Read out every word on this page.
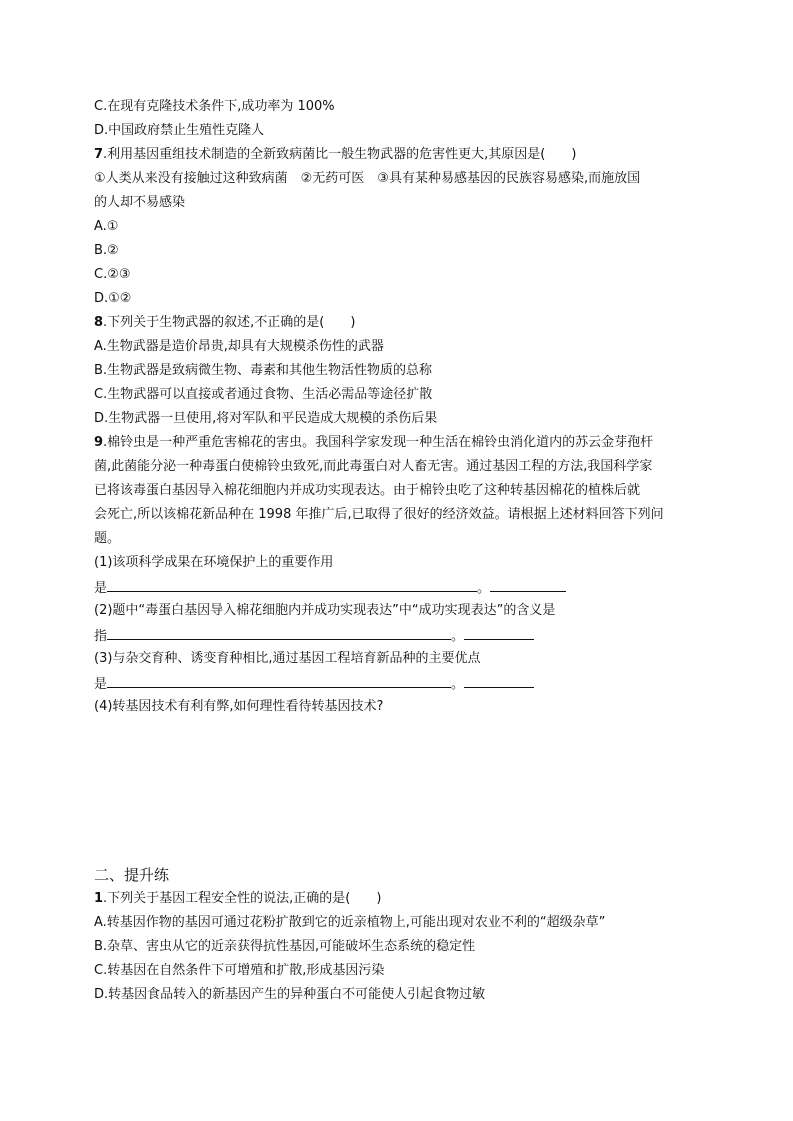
C.在现有克隆技术条件下,成功率为 100%
D.中国政府禁止生殖性克隆人
7.利用基因重组技术制造的全新致病菌比一般生物武器的危害性更大,其原因是(　　)
①人类从来没有接触过这种致病菌　②无药可医　③具有某种易感基因的民族容易感染,而施放国
的人却不易感染
A.①
B.②
C.②③
D.①②
8.下列关于生物武器的叙述,不正确的是(　　)
A.生物武器是造价昂贵,却具有大规模杀伤性的武器
B.生物武器是致病微生物、毒素和其他生物活性物质的总称
C.生物武器可以直接或者通过食物、生活必需品等途径扩散
D.生物武器一旦使用,将对军队和平民造成大规模的杀伤后果
9.棉铃虫是一种严重危害棉花的害虫。我国科学家发现一种生活在棉铃虫消化道内的苏云金芽孢杆
菌,此菌能分泌一种毒蛋白使棉铃虫致死,而此毒蛋白对人畜无害。通过基因工程的方法,我国科学家
已将该毒蛋白基因导入棉花细胞内并成功实现表达。由于棉铃虫吃了这种转基因棉花的植株后就
会死亡,所以该棉花新品种在 1998 年推广后,已取得了很好的经济效益。请根据上述材料回答下列问
题。
(1)该项科学成果在环境保护上的重要作用
是	。
(2)题中“毒蛋白基因导入棉花细胞内并成功实现表达”中“成功实现表达”的含义是
指	。
(3)与杂交育种、诱变育种相比,通过基因工程培育新品种的主要优点
是	。
(4)转基因技术有利有弊,如何理性看待转基因技术?
二、提升练
1.下列关于基因工程安全性的说法,正确的是(　　)
A.转基因作物的基因可通过花粉扩散到它的近亲植物上,可能出现对农业不利的“超级杂草”
B.杂草、害虫从它的近亲获得抗性基因,可能破坏生态系统的稳定性
C.转基因在自然条件下可增殖和扩散,形成基因污染
D.转基因食品转入的新基因产生的异种蛋白不可能使人引起食物过敏
